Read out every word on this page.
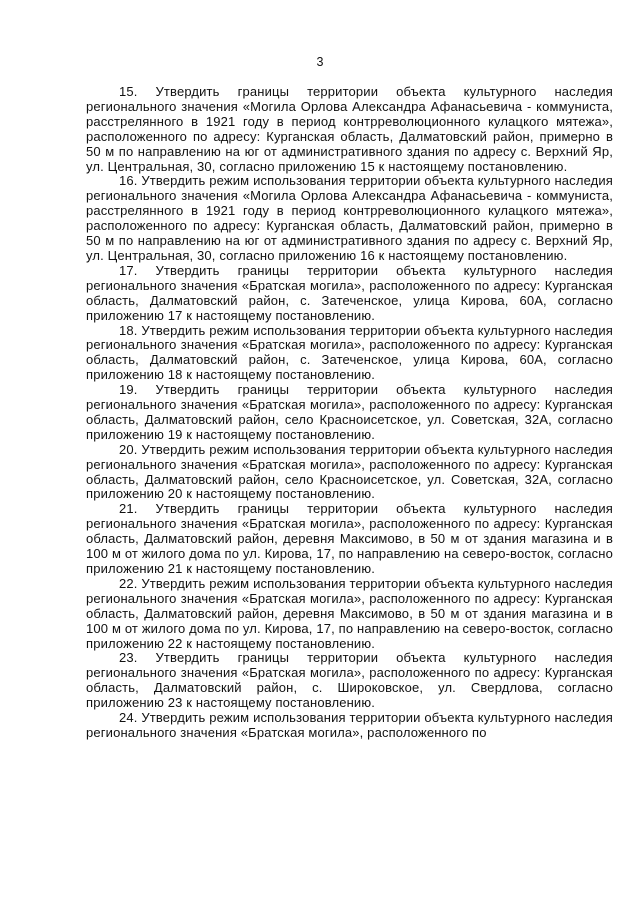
3

15. Утвердить границы территории объекта культурного наследия регионального значения «Могила Орлова Александра Афанасьевича - коммуниста, расстрелянного в 1921 году в период контрреволюционного кулацкого мятежа», расположенного по адресу: Курганская область, Далматовский район, примерно в 50 м по направлению на юг от административного здания по адресу с. Верхний Яр, ул. Центральная, 30, согласно приложению 15 к настоящему постановлению.

16. Утвердить режим использования территории объекта культурного наследия регионального значения «Могила Орлова Александра Афанасьевича - коммуниста, расстрелянного в 1921 году в период контрреволюционного кулацкого мятежа», расположенного по адресу: Курганская область, Далматовский район, примерно в 50 м по направлению на юг от административного здания по адресу с. Верхний Яр, ул. Центральная, 30, согласно приложению 16 к настоящему постановлению.

17. Утвердить границы территории объекта культурного наследия регионального значения «Братская могила», расположенного по адресу: Курганская область, Далматовский район, с. Затеченское, улица Кирова, 60А, согласно приложению 17 к настоящему постановлению.

18. Утвердить режим использования территории объекта культурного наследия регионального значения «Братская могила», расположенного по адресу: Курганская область, Далматовский район, с. Затеченское, улица Кирова, 60А, согласно приложению 18 к настоящему постановлению.

19. Утвердить границы территории объекта культурного наследия регионального значения «Братская могила», расположенного по адресу: Курганская область, Далматовский район, село Красноисетское, ул. Советская, 32А, согласно приложению 19 к настоящему постановлению.

20. Утвердить режим использования территории объекта культурного наследия регионального значения «Братская могила», расположенного по адресу: Курганская область, Далматовский район, село Красноисетское, ул. Советская, 32А, согласно приложению 20 к настоящему постановлению.

21. Утвердить границы территории объекта культурного наследия регионального значения «Братская могила», расположенного по адресу: Курганская область, Далматовский район, деревня Максимово, в 50 м от здания магазина и в 100 м от жилого дома по ул. Кирова, 17, по направлению на северо-восток, согласно приложению 21 к настоящему постановлению.

22. Утвердить режим использования территории объекта культурного наследия регионального значения «Братская могила», расположенного по адресу: Курганская область, Далматовский район, деревня Максимово, в 50 м от здания магазина и в 100 м от жилого дома по ул. Кирова, 17, по направлению на северо-восток, согласно приложению 22 к настоящему постановлению.

23. Утвердить границы территории объекта культурного наследия регионального значения «Братская могила», расположенного по адресу: Курганская область, Далматовский район, с. Широковское, ул. Свердлова, согласно приложению 23 к настоящему постановлению.

24. Утвердить режим использования территории объекта культурного наследия регионального значения «Братская могила», расположенного по
